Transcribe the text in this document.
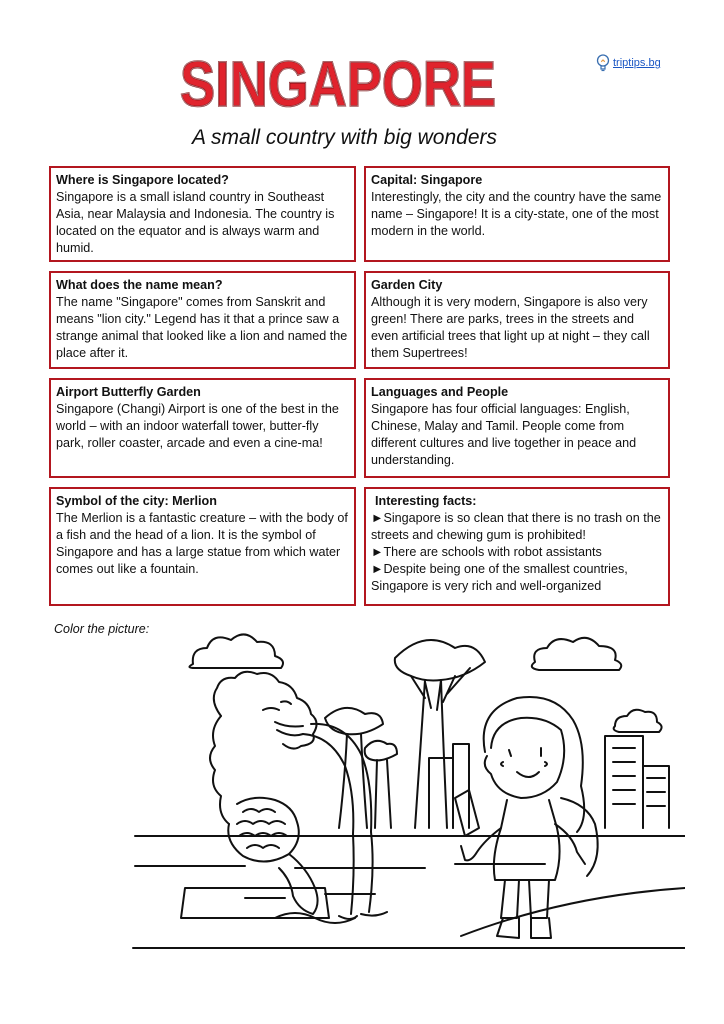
triptips.bg
SINGAPORE
SINGAPORE
A small country with big wonders
Where is Singapore located?

Singapore is a small island country in Southeast Asia, near Malaysia and Indonesia. The country is located on the equator and is always warm and humid.

Capital: Singapore

Interestingly, the city and the country have the same name – Singapore! It is a city-state, one of the most modern in the world.

What does the name mean?

The name "Singapore" comes from Sanskrit and means "lion city." Legend has it that a prince saw a strange animal that looked like a lion and named the place after it.

Garden City

Although it is very modern, Singapore is also very green! There are parks, trees in the streets and even artificial trees that light up at night – they call them Supertrees!

Airport Butterfly Garden

Singapore (Changi) Airport is one of the best in the world – with an indoor waterfall tower, butter-fly park, roller coaster, arcade and even a cine-ma!

Languages and People

Singapore has four official languages: English, Chinese, Malay and Tamil. People come from different cultures and live together in peace and understanding.

Symbol of the city: Merlion

The Merlion is a fantastic creature – with the body of a fish and the head of a lion. It is the symbol of Singapore and has a large statue from which water comes out like a fountain.

Interesting facts:
►Singapore is so clean that there is no trash on the streets and chewing gum is prohibited!
►There are schools with robot assistants
►Despite being one of the smallest countries, Singapore is very rich and well-organized
Color the picture:
